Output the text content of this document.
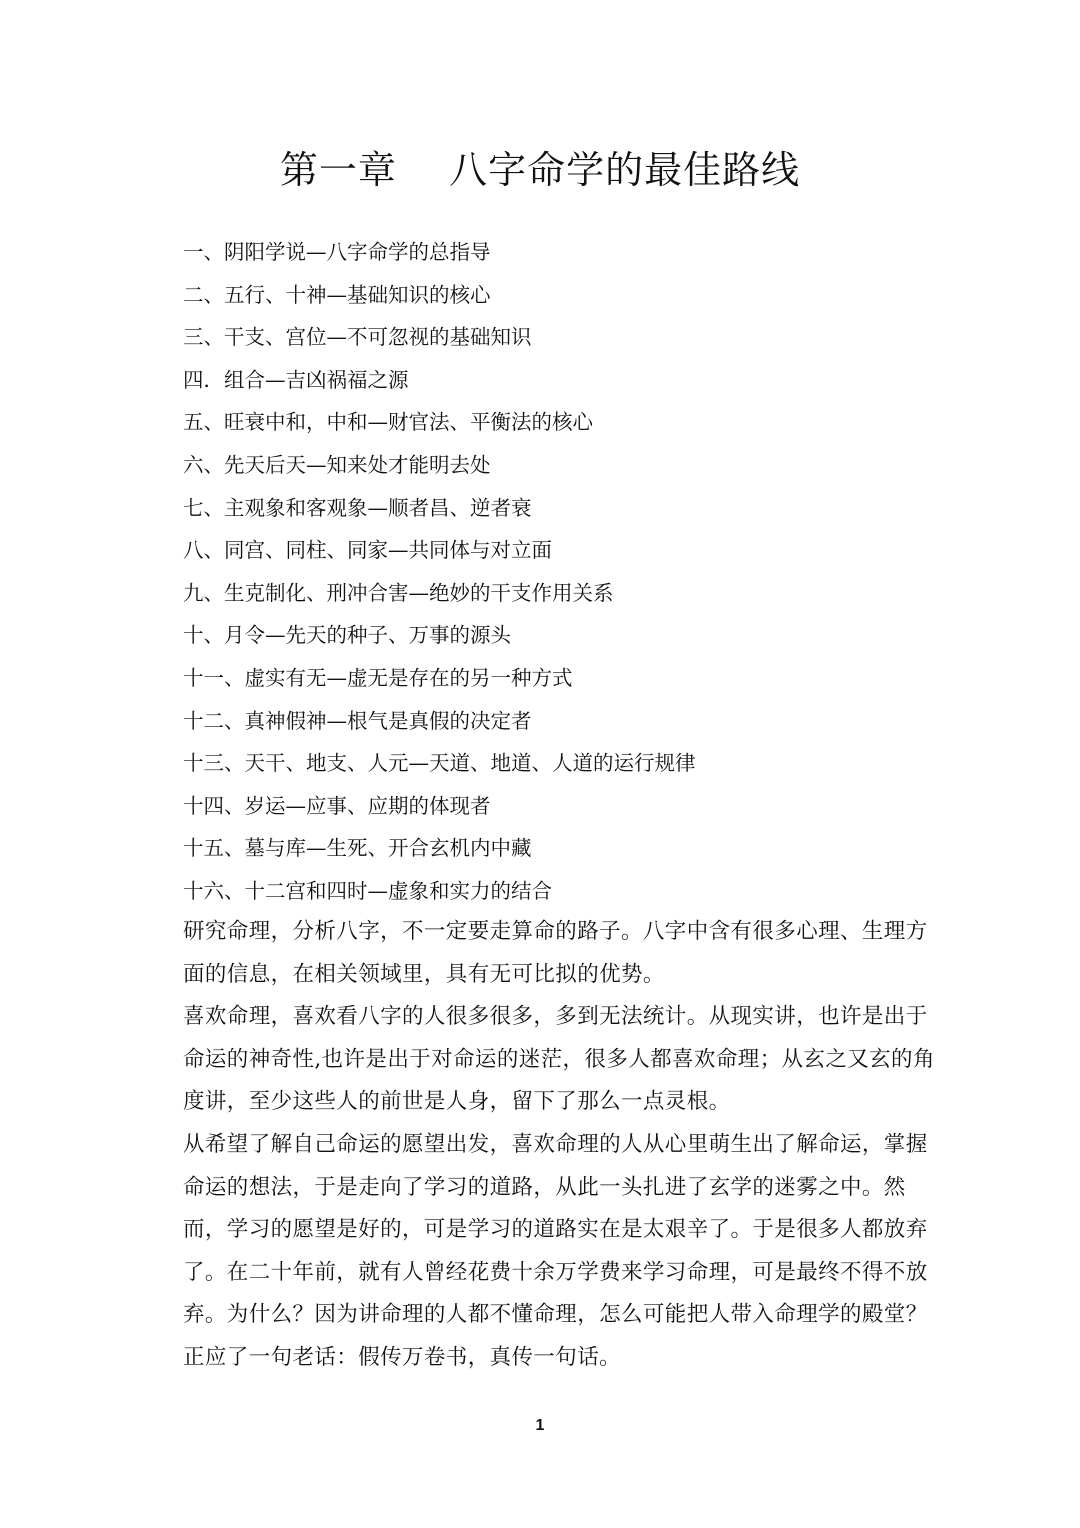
第一章    八字命学的最佳路线
一、阴阳学说—八字命学的总指导
二、五行、十神—基础知识的核心
三、干支、宫位—不可忽视的基础知识
四．组合—吉凶祸福之源
五、旺衰中和，中和—财官法、平衡法的核心
六、先天后天—知来处才能明去处
七、主观象和客观象—顺者昌、逆者衰
八、同宫、同柱、同家—共同体与对立面
九、生克制化、刑冲合害—绝妙的干支作用关系
十、月令—先天的种子、万事的源头
十一、虚实有无—虚无是存在的另一种方式
十二、真神假神—根气是真假的决定者
十三、天干、地支、人元—天道、地道、人道的运行规律
十四、岁运—应事、应期的体现者
十五、墓与库—生死、开合玄机内中藏
十六、十二宫和四时—虚象和实力的结合

研究命理，分析八字，不一定要走算命的路子。八字中含有很多心理、生理方面的信息，在相关领域里，具有无可比拟的优势。

喜欢命理，喜欢看八字的人很多很多，多到无法统计。从现实讲，也许是出于命运的神奇性,也许是出于对命运的迷茫，很多人都喜欢命理；从玄之又玄的角度讲，至少这些人的前世是人身，留下了那么一点灵根。

从希望了解自己命运的愿望出发，喜欢命理的人从心里萌生出了解命运，掌握命运的想法，于是走向了学习的道路，从此一头扎进了玄学的迷雾之中。然而，学习的愿望是好的，可是学习的道路实在是太艰辛了。于是很多人都放弃了。在二十年前，就有人曾经花费十余万学费来学习命理，可是最终不得不放弃。为什么？因为讲命理的人都不懂命理，怎么可能把人带入命理学的殿堂？正应了一句老话：假传万卷书，真传一句话。

1
